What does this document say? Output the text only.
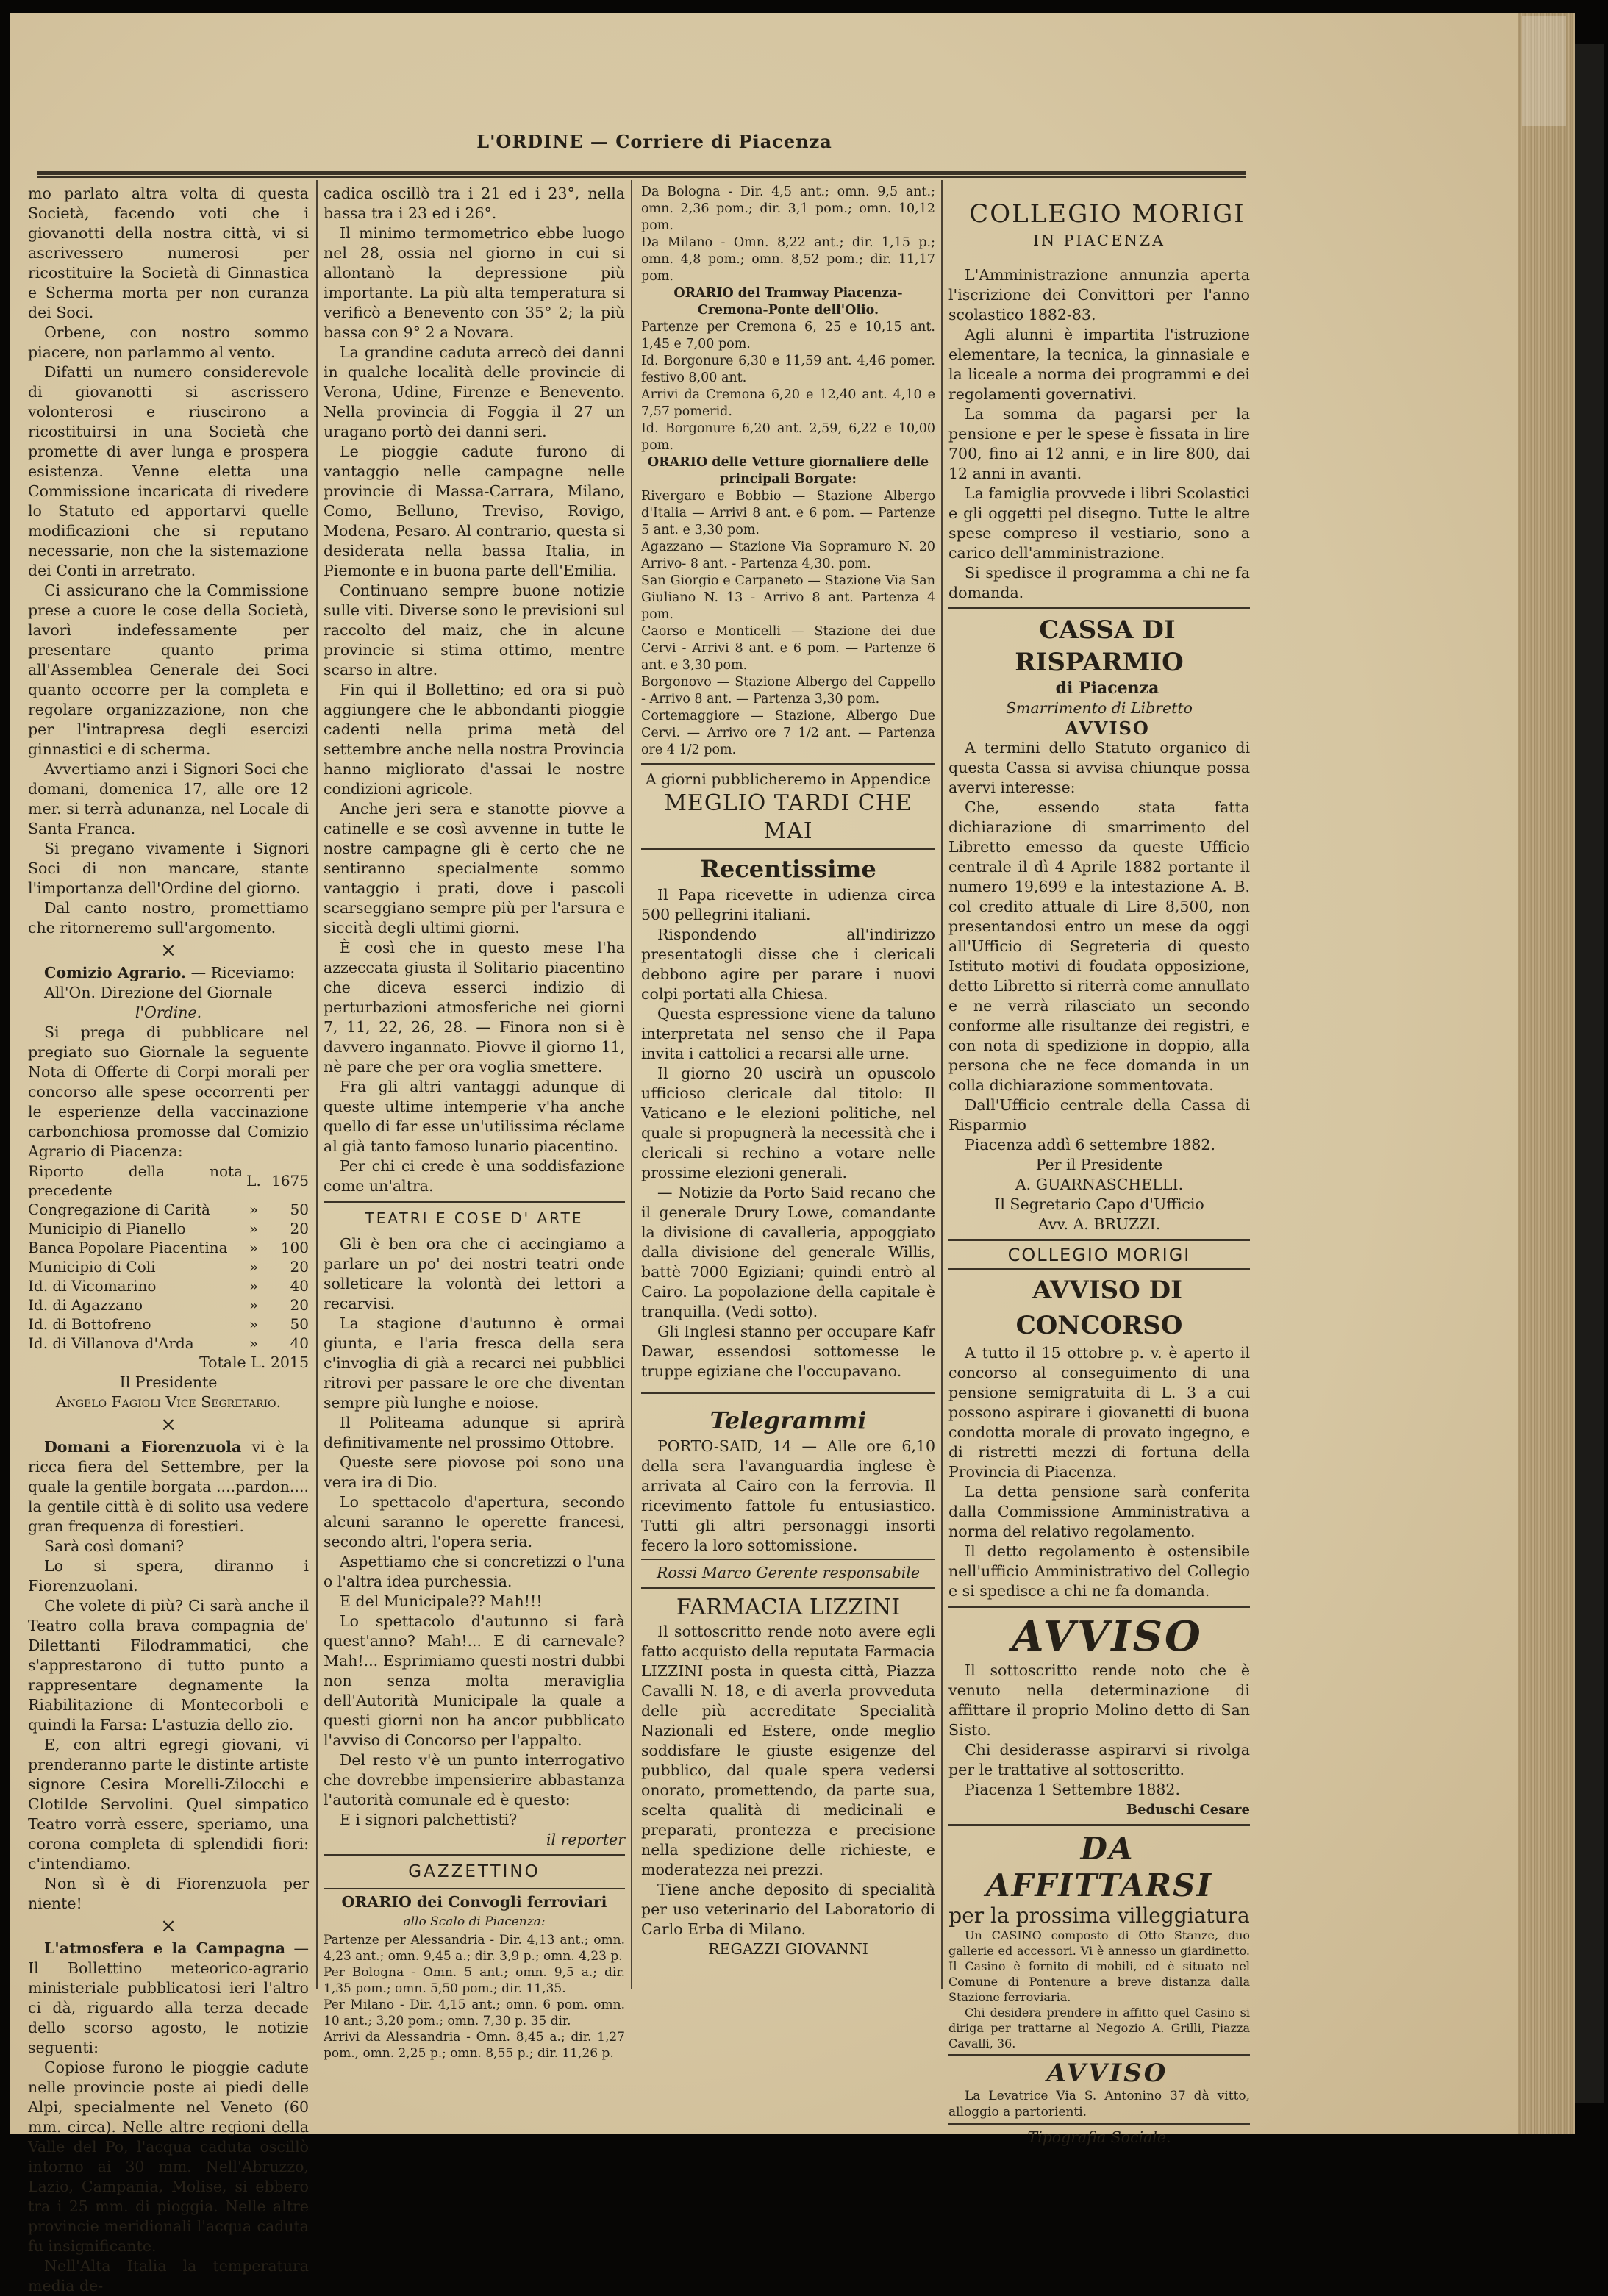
L'ORDINE — Corriere di Piacenza

mo parlato altra volta di questa Società, facendo voti che i giovanotti della nostra città, vi si ascrivessero numerosi per ricostituire la Società di Ginnastica e Scherma morta per non curanza dei Soci.

Orbene, con nostro sommo piacere, non parlammo al vento.

Difatti un numero considerevole di giovanotti si ascrissero volonterosi e riuscirono a ricostituirsi in una Società che promette di aver lunga e prospera esistenza. Venne eletta una Commissione incaricata di rivedere lo Statuto ed apportarvi quelle modificazioni che si reputano necessarie, non che la sistemazione dei Conti in arretrato.

Ci assicurano che la Commissione prese a cuore le cose della Società, lavorì indefessamente per presentare quanto prima all'Assemblea Generale dei Soci quanto occorre per la completa e regolare organizzazione, non che per l'intrapresa degli esercizi ginnastici e di scherma.

Avvertiamo anzi i Signori Soci che domani, domenica 17, alle ore 12 mer. si terrà adunanza, nel Locale di Santa Franca.

Si pregano vivamente i Signori Soci di non mancare, stante l'importanza dell'Ordine del giorno.

Dal canto nostro, promettiamo che ritorneremo sull'argomento.

×

Comizio Agrario. — Riceviamo:

All'On. Direzione del Giornale

l'Ordine.

Si prega di pubblicare nel pregiato suo Giornale la seguente Nota di Offerte di Corpi morali per concorso alle spese occorrenti per le esperienze della vaccinazione carbonchiosa promosse dal Comizio Agrario di Piacenza:

Riporto della nota precedente	L.	1675
Congregazione di Carità	»	50
Municipio di Pianello	»	20
Banca Popolare Piacentina	»	100
Municipio di Coli	»	20
Id. di Vicomarino	»	40
Id. di Agazzano	»	20
Id. di Bottofreno	»	50
Id. di Villanova d'Arda	»	40

Totale L. 2015

Il Presidente

Angelo Fagioli Vice Segretario.

×

Domani a Fiorenzuola vi è la ricca fiera del Settembre, per la quale la gentile borgata ....pardon.... la gentile città è di solito usa vedere gran frequenza di forestieri.

Sarà così domani?

Lo si spera, diranno i Fiorenzuolani.

Che volete di più? Ci sarà anche il Teatro colla brava compagnia de' Dilettanti Filodrammatici, che s'apprestarono di tutto punto a rappresentare degnamente la Riabilitazione di Montecorboli e quindi la Farsa: L'astuzia dello zio.

E, con altri egregi giovani, vi prenderanno parte le distinte artiste signore Cesira Morelli-Zilocchi e Clotilde Servolini. Quel simpatico Teatro vorrà essere, speriamo, una corona completa di splendidi fiori: c'intendiamo.

Non sì è di Fiorenzuola per niente!

×

L'atmosfera e la Campagna — Il Bollettino meteorico-agrario ministeriale pubblicatosi ieri l'altro ci dà, riguardo alla terza decade dello scorso agosto, le notizie seguenti:

Copiose furono le pioggie cadute nelle provincie poste ai piedi delle Alpi, specialmente nel Veneto (60 mm. circa). Nelle altre regioni della Valle del Po, l'acqua caduta oscillò intorno ai 30 mm. Nell'Abruzzo, Lazio, Campania, Molise, si ebbero tra i 25 mm. di pioggia. Nelle altre provincie meridionali l'acqua caduta fu insignificante.

Nell'Alta Italia la temperatura media de-

cadica oscillò tra i 21 ed i 23°, nella bassa tra i 23 ed i 26°.

Il minimo termometrico ebbe luogo nel 28, ossia nel giorno in cui si allontanò la depressione più importante. La più alta temperatura si verificò a Benevento con 35° 2; la più bassa con 9° 2 a Novara.

La grandine caduta arrecò dei danni in qualche località delle provincie di Verona, Udine, Firenze e Benevento. Nella provincia di Foggia il 27 un uragano portò dei danni seri.

Le pioggie cadute furono di vantaggio nelle campagne nelle provincie di Massa-Carrara, Milano, Como, Belluno, Treviso, Rovigo, Modena, Pesaro. Al contrario, questa si desiderata nella bassa Italia, in Piemonte e in buona parte dell'Emilia.

Continuano sempre buone notizie sulle viti. Diverse sono le previsioni sul raccolto del maiz, che in alcune provincie si stima ottimo, mentre scarso in altre.

Fin qui il Bollettino; ed ora si può aggiungere che le abbondanti pioggie cadenti nella prima metà del settembre anche nella nostra Provincia hanno migliorato d'assai le nostre condizioni agricole.

Anche jeri sera e stanotte piovve a catinelle e se così avvenne in tutte le nostre campagne gli è certo che ne sentiranno specialmente sommo vantaggio i prati, dove i pascoli scarseggiano sempre più per l'arsura e siccità degli ultimi giorni.

È così che in questo mese l'ha azzeccata giusta il Solitario piacentino che diceva esserci indizio di perturbazioni atmosferiche nei giorni 7, 11, 22, 26, 28. — Finora non si è davvero ingannato. Piovve il giorno 11, nè pare che per ora voglia smettere.

Fra gli altri vantaggi adunque di queste ultime intemperie v'ha anche quello di far esse un'utilissima réclame al già tanto famoso lunario piacentino.

Per chi ci crede è una soddisfazione come un'altra.

TEATRI E COSE D' ARTE

Gli è ben ora che ci accingiamo a parlare un po' dei nostri teatri onde solleticare la volontà dei lettori a recarvisi.

La stagione d'autunno è ormai giunta, e l'aria fresca della sera c'invoglia di già a recarci nei pubblici ritrovi per passare le ore che diventan sempre più lunghe e noiose.

Il Politeama adunque si aprirà definitivamente nel prossimo Ottobre.

Queste sere piovose poi sono una vera ira di Dio.

Lo spettacolo d'apertura, secondo alcuni saranno le operette francesi, secondo altri, l'opera seria.

Aspettiamo che si concretizzi o l'una o l'altra idea purchessia.

E del Municipale?? Mah!!!

Lo spettacolo d'autunno si farà quest'anno? Mah!... E di carnevale? Mah!... Esprimiamo questi nostri dubbi non senza molta meraviglia dell'Autorità Municipale la quale a questi giorni non ha ancor pubblicato l'avviso di Concorso per l'appalto.

Del resto v'è un punto interrogativo che dovrebbe impensierire abbastanza l'autorità comunale ed è questo:

E i signori palchettisti?

il reporter

GAZZETTINO

ORARIO dei Convogli ferroviari

allo Scalo di Piacenza:

Partenze per Alessandria - Dir. 4,13 ant.; omn. 4,23 ant.; omn. 9,45 a.; dir. 3,9 p.; omn. 4,23 p.

Per Bologna - Omn. 5 ant.; omn. 9,5 a.; dir. 1,35 pom.; omn. 5,50 pom.; dir. 11,35.

Per Milano - Dir. 4,15 ant.; omn. 6 pom. omn. 10 ant.; 3,20 pom.; omn. 7,30 p. 35 dir.

Arrivi da Alessandria - Omn. 8,45 a.; dir. 1,27 pom., omn. 2,25 p.; omn. 8,55 p.; dir. 11,26 p.

Da Bologna - Dir. 4,5 ant.; omn. 9,5 ant.; omn. 2,36 pom.; dir. 3,1 pom.; omn. 10,12 pom.

Da Milano - Omn. 8,22 ant.; dir. 1,15 p.; omn. 4,8 pom.; omn. 8,52 pom.; dir. 11,17 pom.

ORARIO del Tramway Piacenza-Cremona-Ponte dell'Olio.

Partenze per Cremona 6, 25 e 10,15 ant. 1,45 e 7,00 pom.

Id. Borgonure 6,30 e 11,59 ant. 4,46 pomer. festivo 8,00 ant.

Arrivi da Cremona 6,20 e 12,40 ant. 4,10 e 7,57 pomerid.

Id. Borgonure 6,20 ant. 2,59, 6,22 e 10,00 pom.

ORARIO delle Vetture giornaliere delle principali Borgate:

Rivergaro e Bobbio — Stazione Albergo d'Italia — Arrivi 8 ant. e 6 pom. — Partenze 5 ant. e 3,30 pom.

Agazzano — Stazione Via Sopramuro N. 20 Arrivo- 8 ant. - Partenza 4,30. pom.

San Giorgio e Carpaneto — Stazione Via San Giuliano N. 13 - Arrivo 8 ant. Partenza 4 pom.

Caorso e Monticelli — Stazione dei due Cervi - Arrivi 8 ant. e 6 pom. — Partenze 6 ant. e 3,30 pom.

Borgonovo — Stazione Albergo del Cappello - Arrivo 8 ant. — Partenza 3,30 pom.

Cortemaggiore — Stazione, Albergo Due Cervi. — Arrivo ore 7 1/2 ant. — Partenza ore 4 1/2 pom.

A giorni pubblicheremo in Appendice

MEGLIO TARDI CHE MAI

Recentissime

Il Papa ricevette in udienza circa 500 pellegrini italiani.

Rispondendo all'indirizzo presentatogli disse che i clericali debbono agire per parare i nuovi colpi portati alla Chiesa.

Questa espressione viene da taluno interpretata nel senso che il Papa invita i cattolici a recarsi alle urne.

Il giorno 20 uscirà un opuscolo ufficioso clericale dal titolo: Il Vaticano e le elezioni politiche, nel quale si propugnerà la necessità che i clericali si rechino a votare nelle prossime elezioni generali.

— Notizie da Porto Said recano che il generale Drury Lowe, comandante la divisione di cavalleria, appoggiato dalla divisione del generale Willis, battè 7000 Egiziani; quindi entrò al Cairo. La popolazione della capitale è tranquilla. (Vedi sotto).

Gli Inglesi stanno per occupare Kafr Dawar, essendosi sottomesse le truppe egiziane che l'occupavano.

Telegrammi

PORTO-SAID, 14 — Alle ore 6,10 della sera l'avanguardia inglese è arrivata al Cairo con la ferrovia. Il ricevimento fattole fu entusiastico. Tutti gli altri personaggi insorti fecero la loro sottomissione.

Rossi Marco Gerente responsabile

FARMACIA LIZZINI

Il sottoscritto rende noto avere egli fatto acquisto della reputata Farmacia LIZZINI posta in questa città, Piazza Cavalli N. 18, e di averla provveduta delle più accreditate Specialità Nazionali ed Estere, onde meglio soddisfare le giuste esigenze del pubblico, dal quale spera vedersi onorato, promettendo, da parte sua, scelta qualità di medicinali e preparati, prontezza e precisione nella spedizione delle richieste, e moderatezza nei prezzi.

Tiene anche deposito di specialità per uso veterinario del Laboratorio di Carlo Erba di Milano.

REGAZZI GIOVANNI

COLLEGIO MORIGI

IN PIACENZA

L'Amministrazione annunzia aperta l'iscrizione dei Convittori per l'anno scolastico 1882-83.

Agli alunni è impartita l'istruzione elementare, la tecnica, la ginnasiale e la liceale a norma dei programmi e dei regolamenti governativi.

La somma da pagarsi per la pensione e per le spese è fissata in lire 700, fino ai 12 anni, e in lire 800, dai 12 anni in avanti.

La famiglia provvede i libri Scolastici e gli oggetti pel disegno. Tutte le altre spese compreso il vestiario, sono a carico dell'amministrazione.

Si spedisce il programma a chi ne fa domanda.

CASSA DI RISPARMIO

di Piacenza

Smarrimento di Libretto

AVVISO

A termini dello Statuto organico di questa Cassa si avvisa chiunque possa avervi interesse:

Che, essendo stata fatta dichiarazione di smarrimento del Libretto emesso da queste Ufficio centrale il dì 4 Aprile 1882 portante il numero 19,699 e la intestazione A. B. col credito attuale di Lire 8,500, non presentandosi entro un mese da oggi all'Ufficio di Segreteria di questo Istituto motivi di foudata opposizione, detto Libretto si riterrà come annullato e ne verrà rilasciato un secondo conforme alle risultanze dei registri, e con nota di spedizione in doppio, alla persona che ne fece domanda in un colla dichiarazione sommentovata.

Dall'Ufficio centrale della Cassa di Risparmio

Piacenza addì 6 settembre 1882.

Per il Presidente

A. GUARNASCHELLI.

Il Segretario Capo d'Ufficio

Avv. A. BRUZZI.

COLLEGIO MORIGI

AVVISO DI CONCORSO

A tutto il 15 ottobre p. v. è aperto il concorso al conseguimento di una pensione semigratuita di L. 3 a cui possono aspirare i giovanetti di buona condotta morale di provato ingegno, e di ristretti mezzi di fortuna della Provincia di Piacenza.

La detta pensione sarà conferita dalla Commissione Amministrativa a norma del relativo regolamento.

Il detto regolamento è ostensibile nell'ufficio Amministrativo del Collegio e si spedisce a chi ne fa domanda.

AVVISO

Il sottoscritto rende noto che è venuto nella determinazione di affittare il proprio Molino detto di San Sisto.

Chi desiderasse aspirarvi si rivolga per le trattative al sottoscritto.

Piacenza 1 Settembre 1882.

Beduschi Cesare

DA AFFITTARSI

per la prossima villeggiatura

Un CASINO composto di Otto Stanze, duo gallerie ed accessori. Vi è annesso un giardinetto. Il Casino è fornito di mobili, ed è situato nel Comune di Pontenure a breve distanza dalla Stazione ferroviaria.

Chi desidera prendere in affitto quel Casino si diriga per trattarne al Negozio A. Grilli, Piazza Cavalli, 36.

AVVISO

La Levatrice Via S. Antonino 37 dà vitto, alloggio a partorienti.

Tipografia Sociale.
